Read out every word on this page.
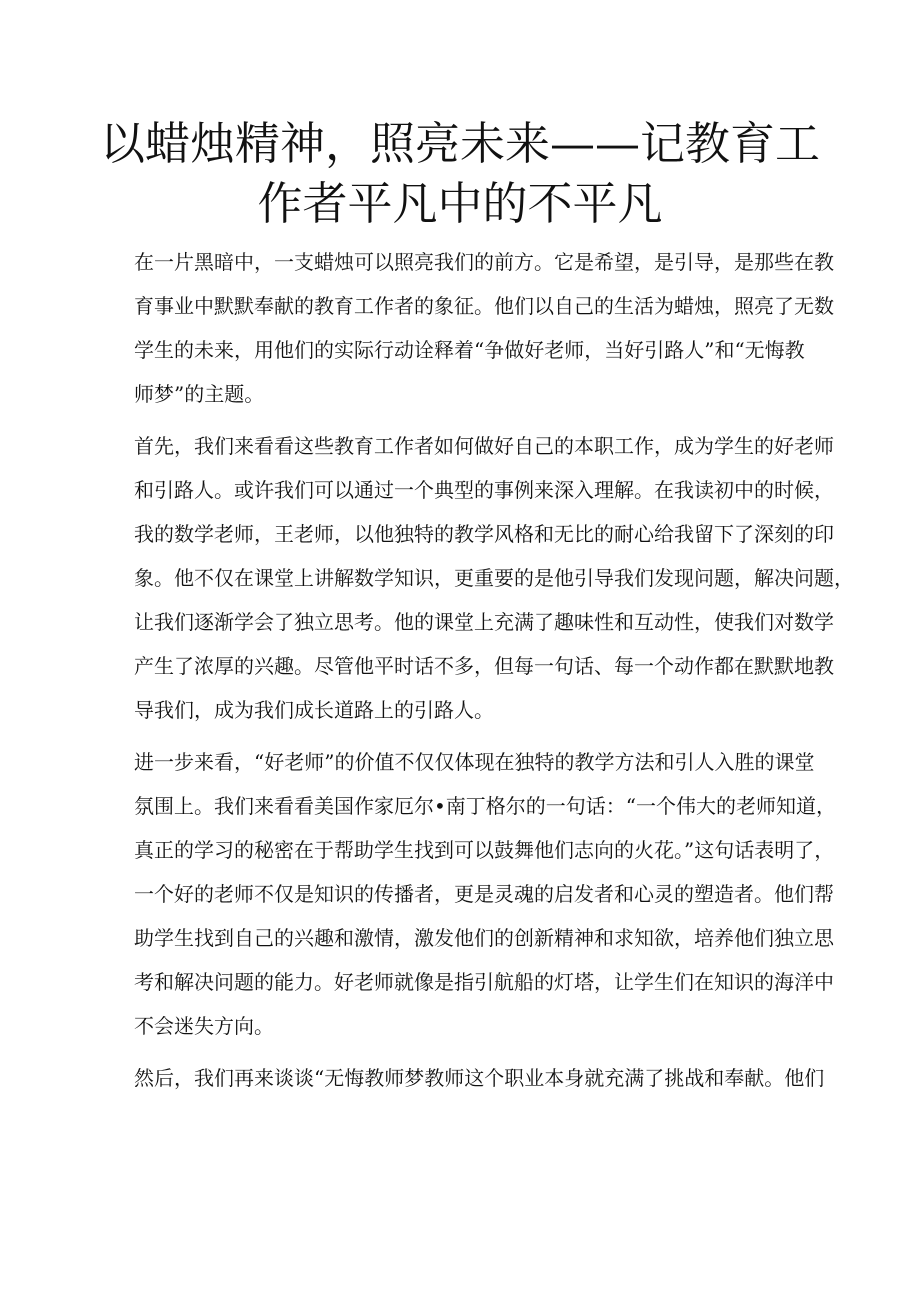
以蜡烛精神，照亮未来——记教育工
作者平凡中的不平凡

在一片黑暗中，一支蜡烛可以照亮我们的前方。它是希望，是引导，是那些在教
育事业中默默奉献的教育工作者的象征。他们以自己的生活为蜡烛，照亮了无数
学生的未来，用他们的实际行动诠释着“争做好老师，当好引路人”和“无悔教
师梦”的主题。

首先，我们来看看这些教育工作者如何做好自己的本职工作，成为学生的好老师
和引路人。或许我们可以通过一个典型的事例来深入理解。在我读初中的时候，
我的数学老师，王老师，以他独特的教学风格和无比的耐心给我留下了深刻的印
象。他不仅在课堂上讲解数学知识，更重要的是他引导我们发现问题，解决问题，
让我们逐渐学会了独立思考。他的课堂上充满了趣味性和互动性，使我们对数学
产生了浓厚的兴趣。尽管他平时话不多，但每一句话、每一个动作都在默默地教
导我们，成为我们成长道路上的引路人。

进一步来看，“好老师”的价值不仅仅体现在独特的教学方法和引人入胜的课堂
氛围上。我们来看看美国作家厄尔•南丁格尔的一句话：“一个伟大的老师知道，
真正的学习的秘密在于帮助学生找到可以鼓舞他们志向的火花。”这句话表明了，
一个好的老师不仅是知识的传播者，更是灵魂的启发者和心灵的塑造者。他们帮
助学生找到自己的兴趣和激情，激发他们的创新精神和求知欲，培养他们独立思
考和解决问题的能力。好老师就像是指引航船的灯塔，让学生们在知识的海洋中
不会迷失方向。

然后，我们再来谈谈“无悔教师梦教师这个职业本身就充满了挑战和奉献。他们
